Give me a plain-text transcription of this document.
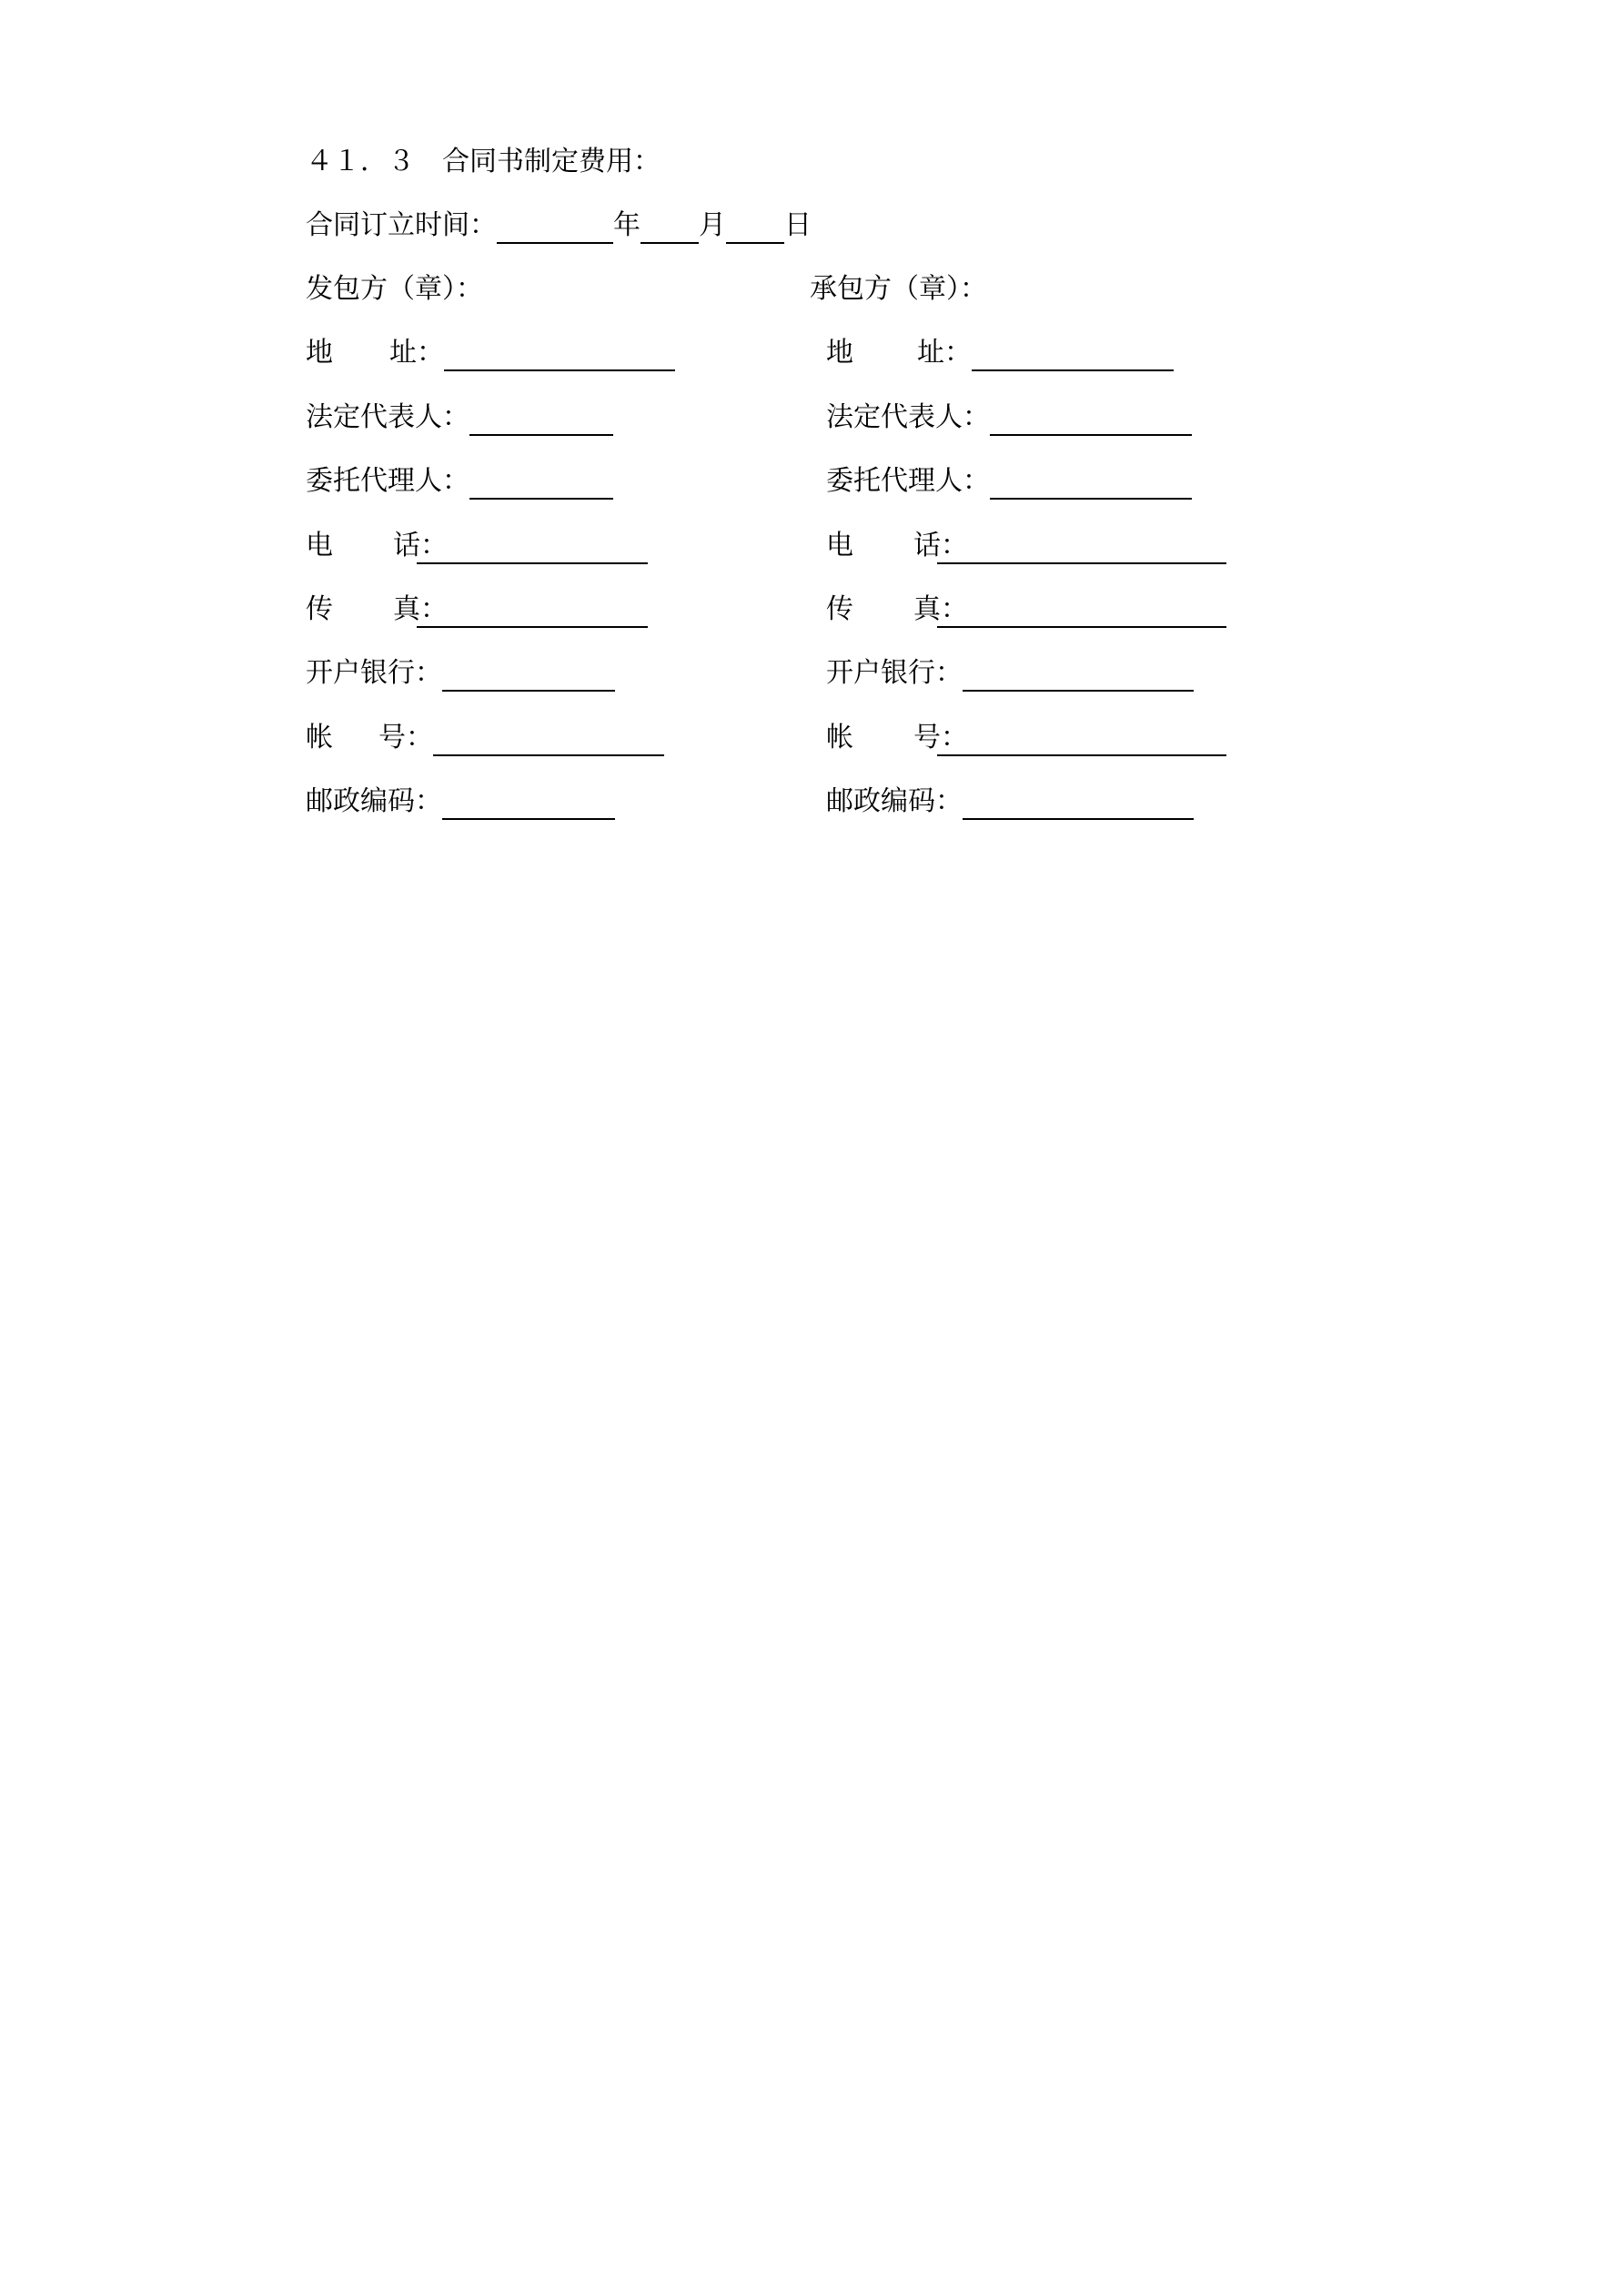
４１．３　合同书制定费用：
合同订立时间：	年 月 日
发包方（章）：	承包方（章）：
地 址：
法定代表人：
委托代理人：
电 话：
传 真：
开户银行：
帐 号：
邮政编码：
地 址：
法定代表人：
委托代理人：
电 话：
传 真：
开户银行：
帐 号：
邮政编码：
